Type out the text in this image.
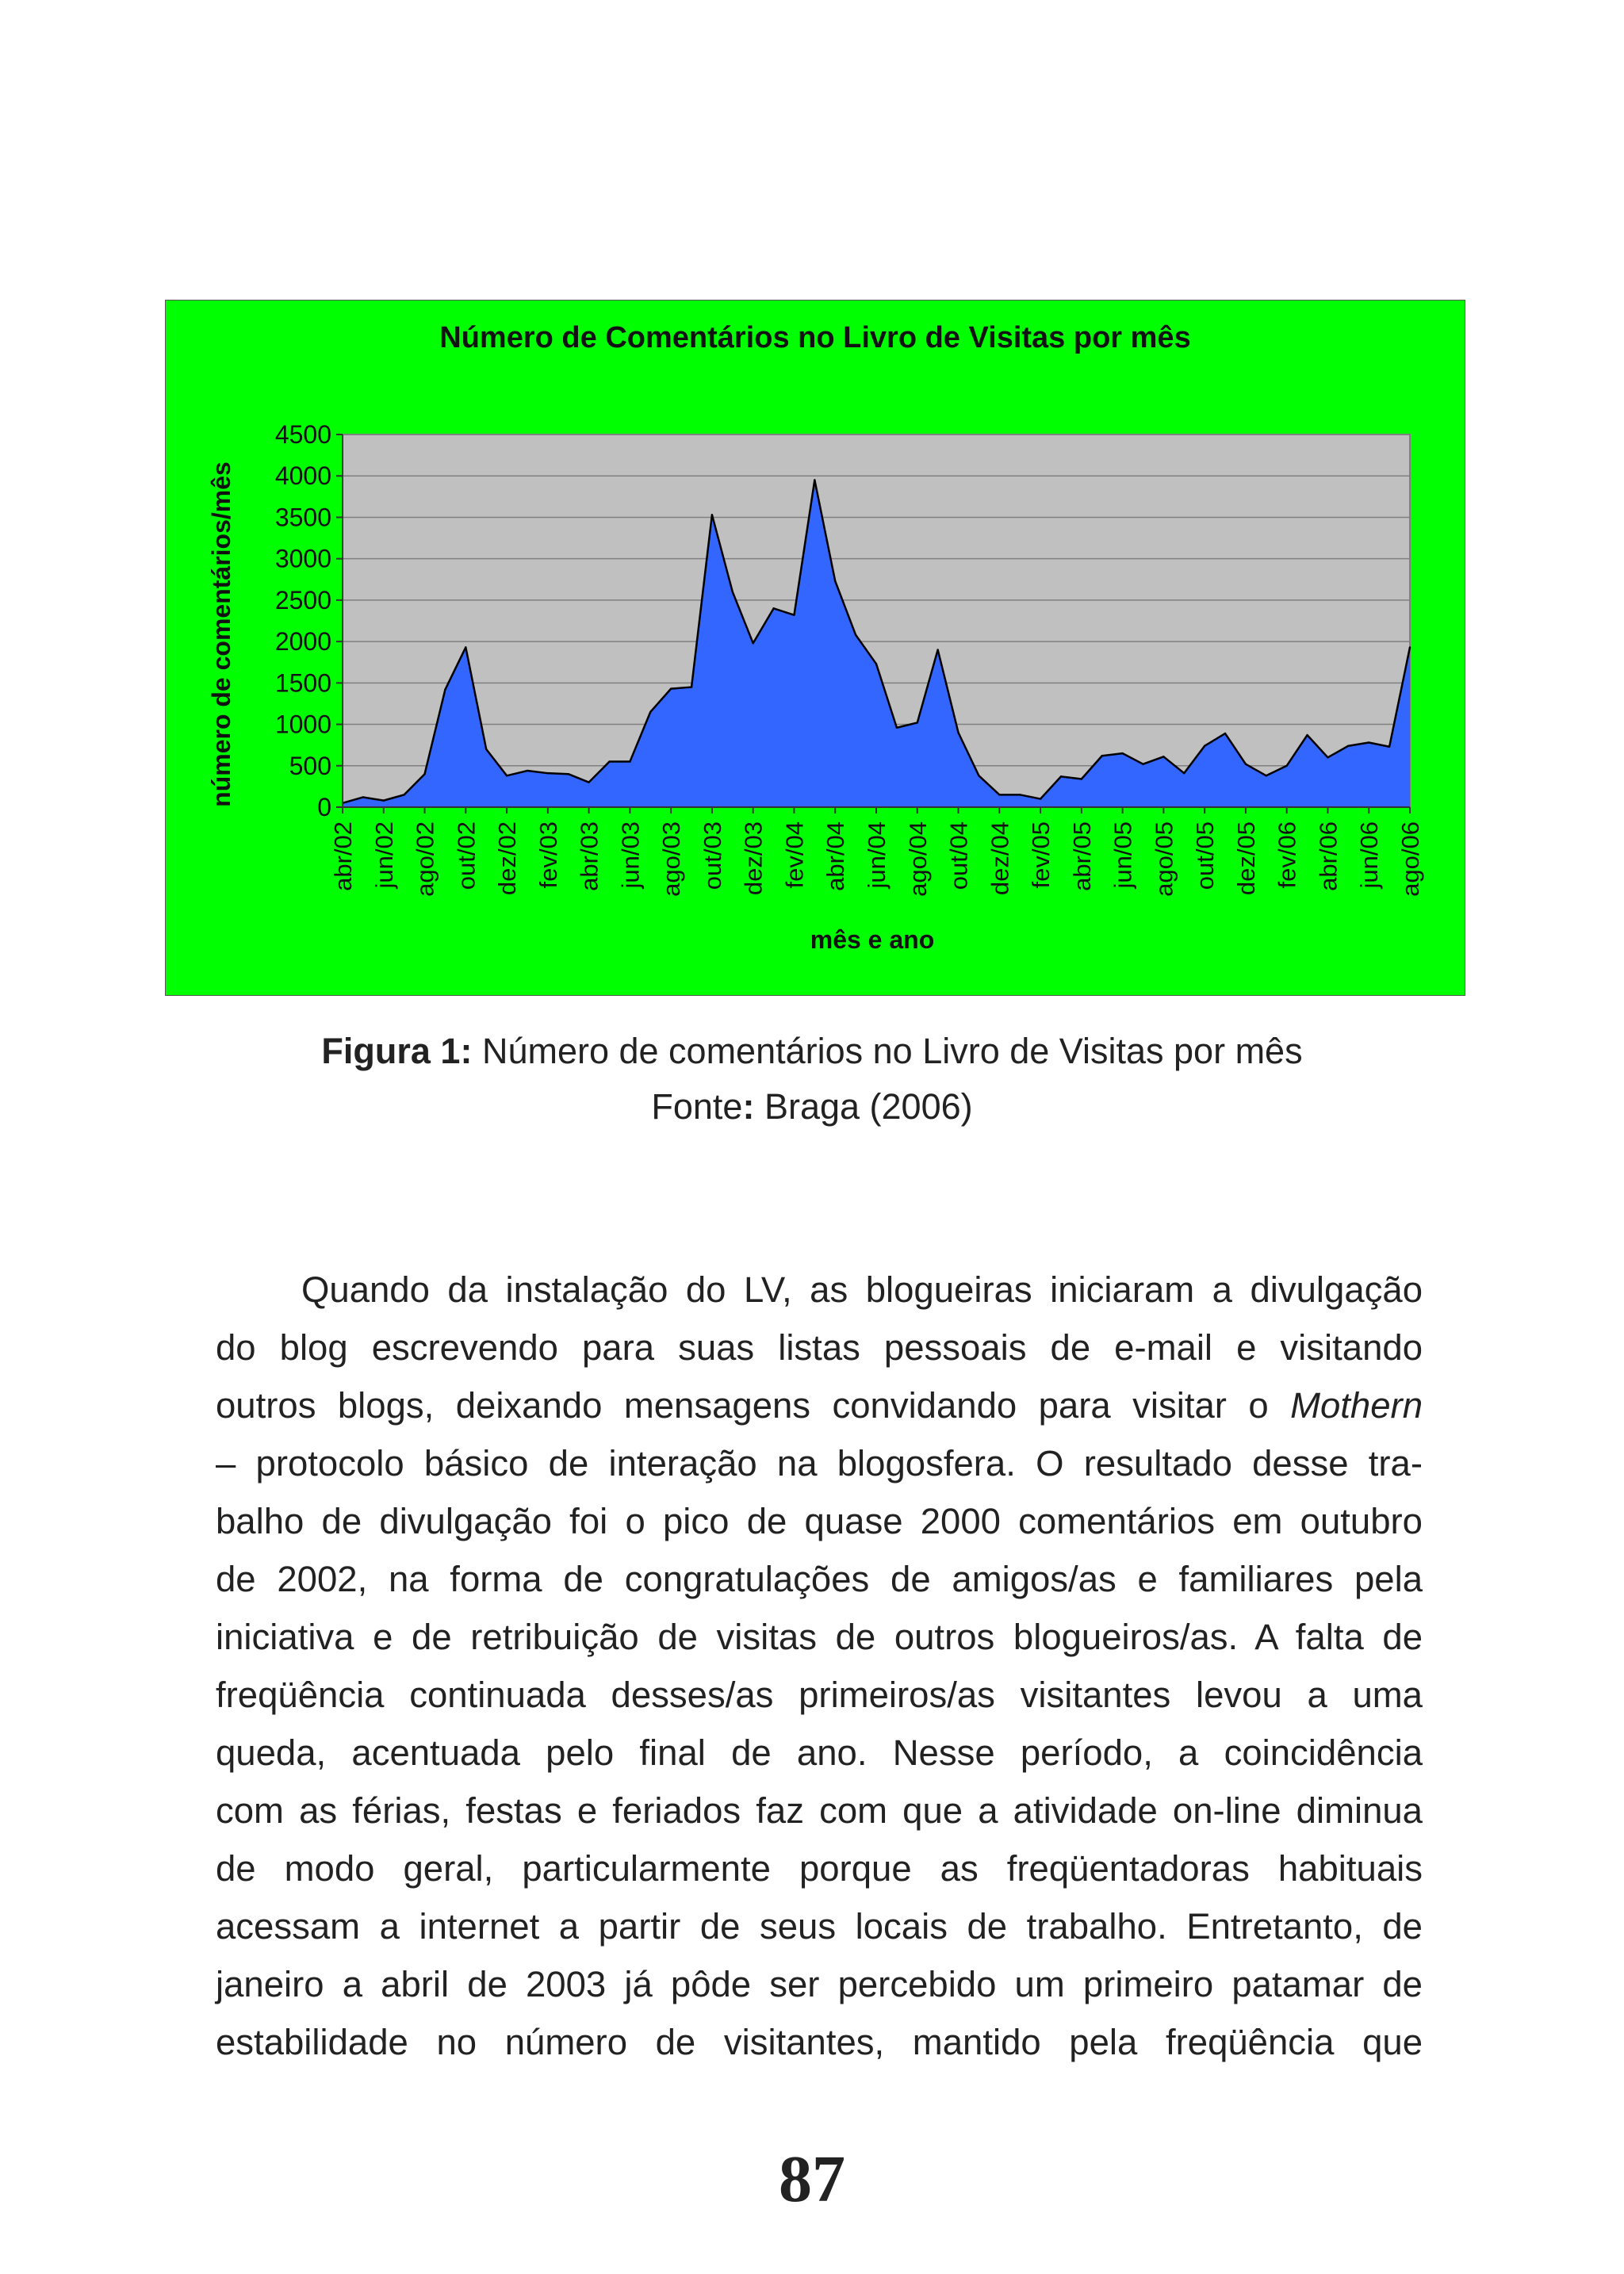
Número de Comentários no Livro de Visitas por mês
número de comentários/mês
mês e ano
0
500
1000
1500
2000
2500
3000
3500
4000
4500
abr/02 jun/02 ago/02 out/02 dez/02 fev/03 abr/03 jun/03 ago/03 out/03 dez/03 fev/04 abr/04 jun/04 ago/04 out/04 dez/04 fev/05 abr/05 jun/05 ago/05 out/05 dez/05 fev/06 abr/06 jun/06 ago/06
Figura 1: Número de comentários no Livro de Visitas por mês
Fonte: Braga (2006)
Quando da instalação do LV, as blogueiras iniciaram a divulgação
do blog escrevendo para suas listas pessoais de e-mail e visitando
outros blogs, deixando mensagens convidando para visitar o Mothern
– protocolo básico de interação na blogosfera. O resultado desse tra-
balho de divulgação foi o pico de quase 2000 comentários em outubro
de 2002, na forma de congratulações de amigos/as e familiares pela
iniciativa e de retribuição de visitas de outros blogueiros/as. A falta de
freqüência continuada desses/as primeiros/as visitantes levou a uma
queda, acentuada pelo final de ano. Nesse período, a coincidência
com as férias, festas e feriados faz com que a atividade on-line diminua
de modo geral, particularmente porque as freqüentadoras habituais
acessam a internet a partir de seus locais de trabalho. Entretanto, de
janeiro a abril de 2003 já pôde ser percebido um primeiro patamar de
estabilidade no número de visitantes, mantido pela freqüência que
87
